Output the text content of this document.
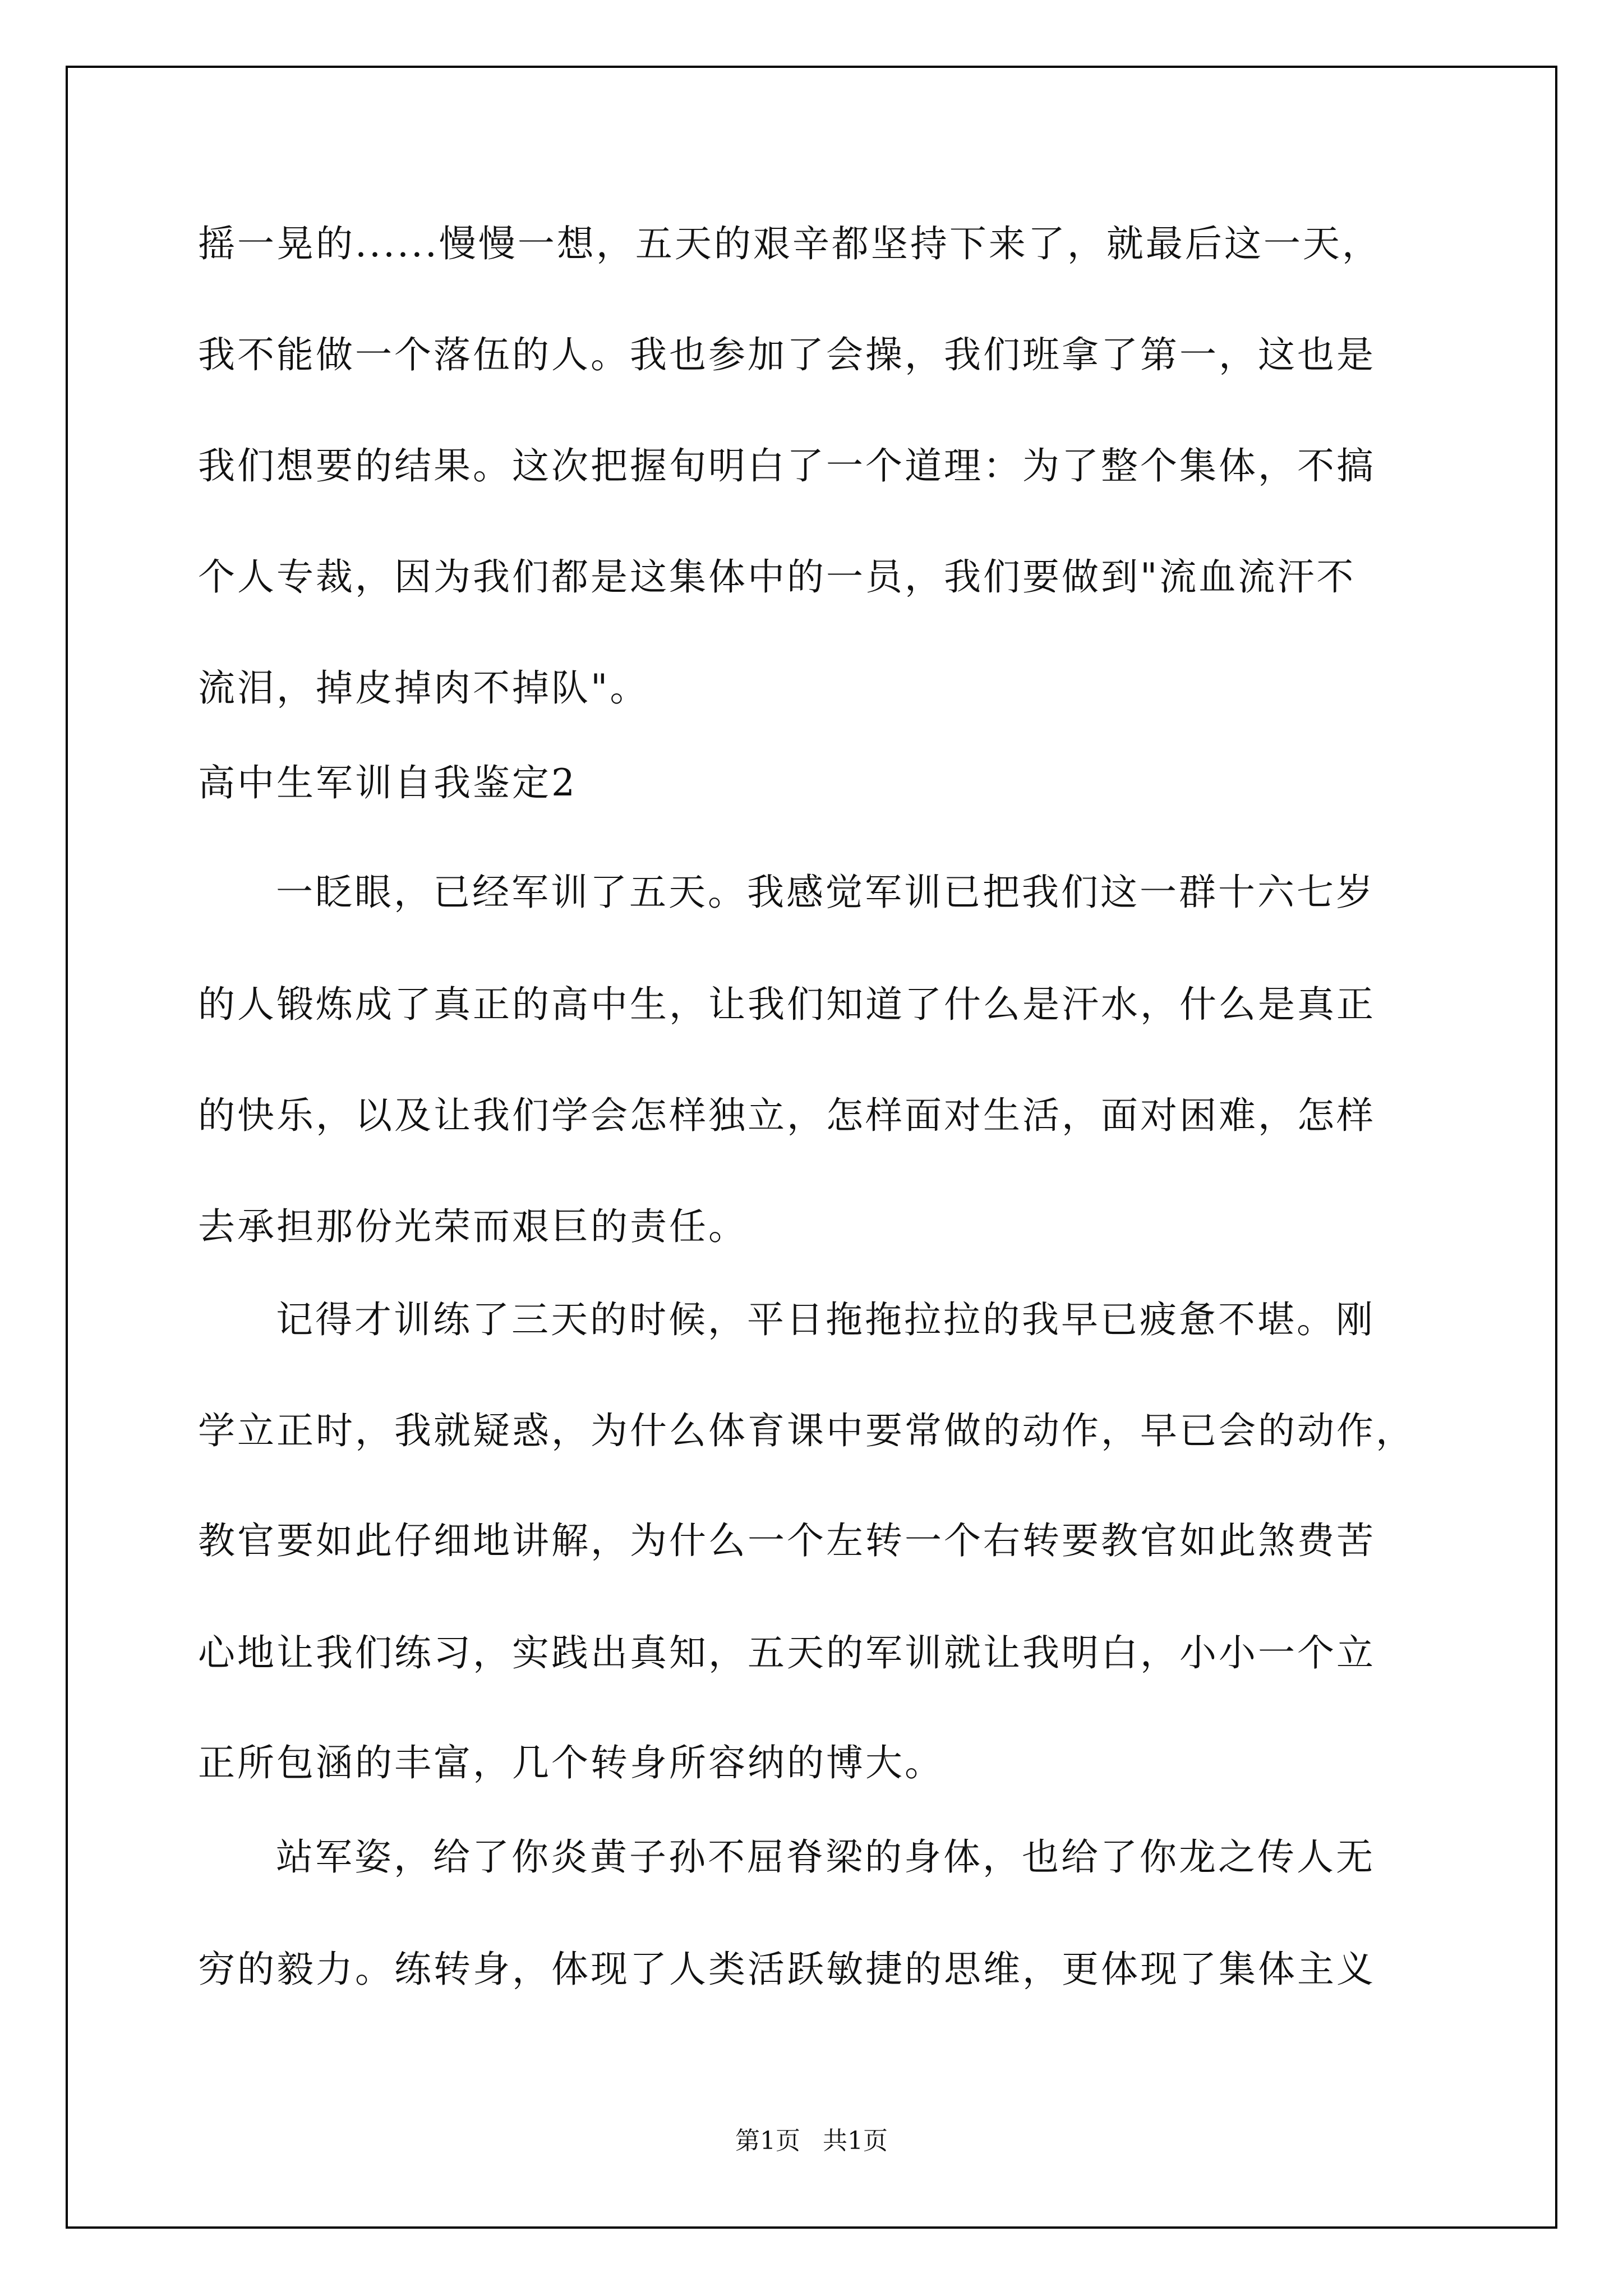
摇一晃的......慢慢一想，五天的艰辛都坚持下来了，就最后这一天，
我不能做一个落伍的人。我也参加了会操，我们班拿了第一，这也是
我们想要的结果。这次把握旬明白了一个道理：为了整个集体，不搞
个人专裁，因为我们都是这集体中的一员，我们要做到"流血流汗不
流泪，掉皮掉肉不掉队"。
高中生军训自我鉴定2
一眨眼，已经军训了五天。我感觉军训已把我们这一群十六七岁
的人锻炼成了真正的高中生，让我们知道了什么是汗水，什么是真正
的快乐，以及让我们学会怎样独立，怎样面对生活，面对困难，怎样
去承担那份光荣而艰巨的责任。
记得才训练了三天的时候，平日拖拖拉拉的我早已疲惫不堪。刚
学立正时，我就疑惑，为什么体育课中要常做的动作，早已会的动作，
教官要如此仔细地讲解，为什么一个左转一个右转要教官如此煞费苦
心地让我们练习，实践出真知，五天的军训就让我明白，小小一个立
正所包涵的丰富，几个转身所容纳的博大。
站军姿，给了你炎黄子孙不屈脊梁的身体，也给了你龙之传人无
穷的毅力。练转身，体现了人类活跃敏捷的思维，更体现了集体主义
第1页 共1页
